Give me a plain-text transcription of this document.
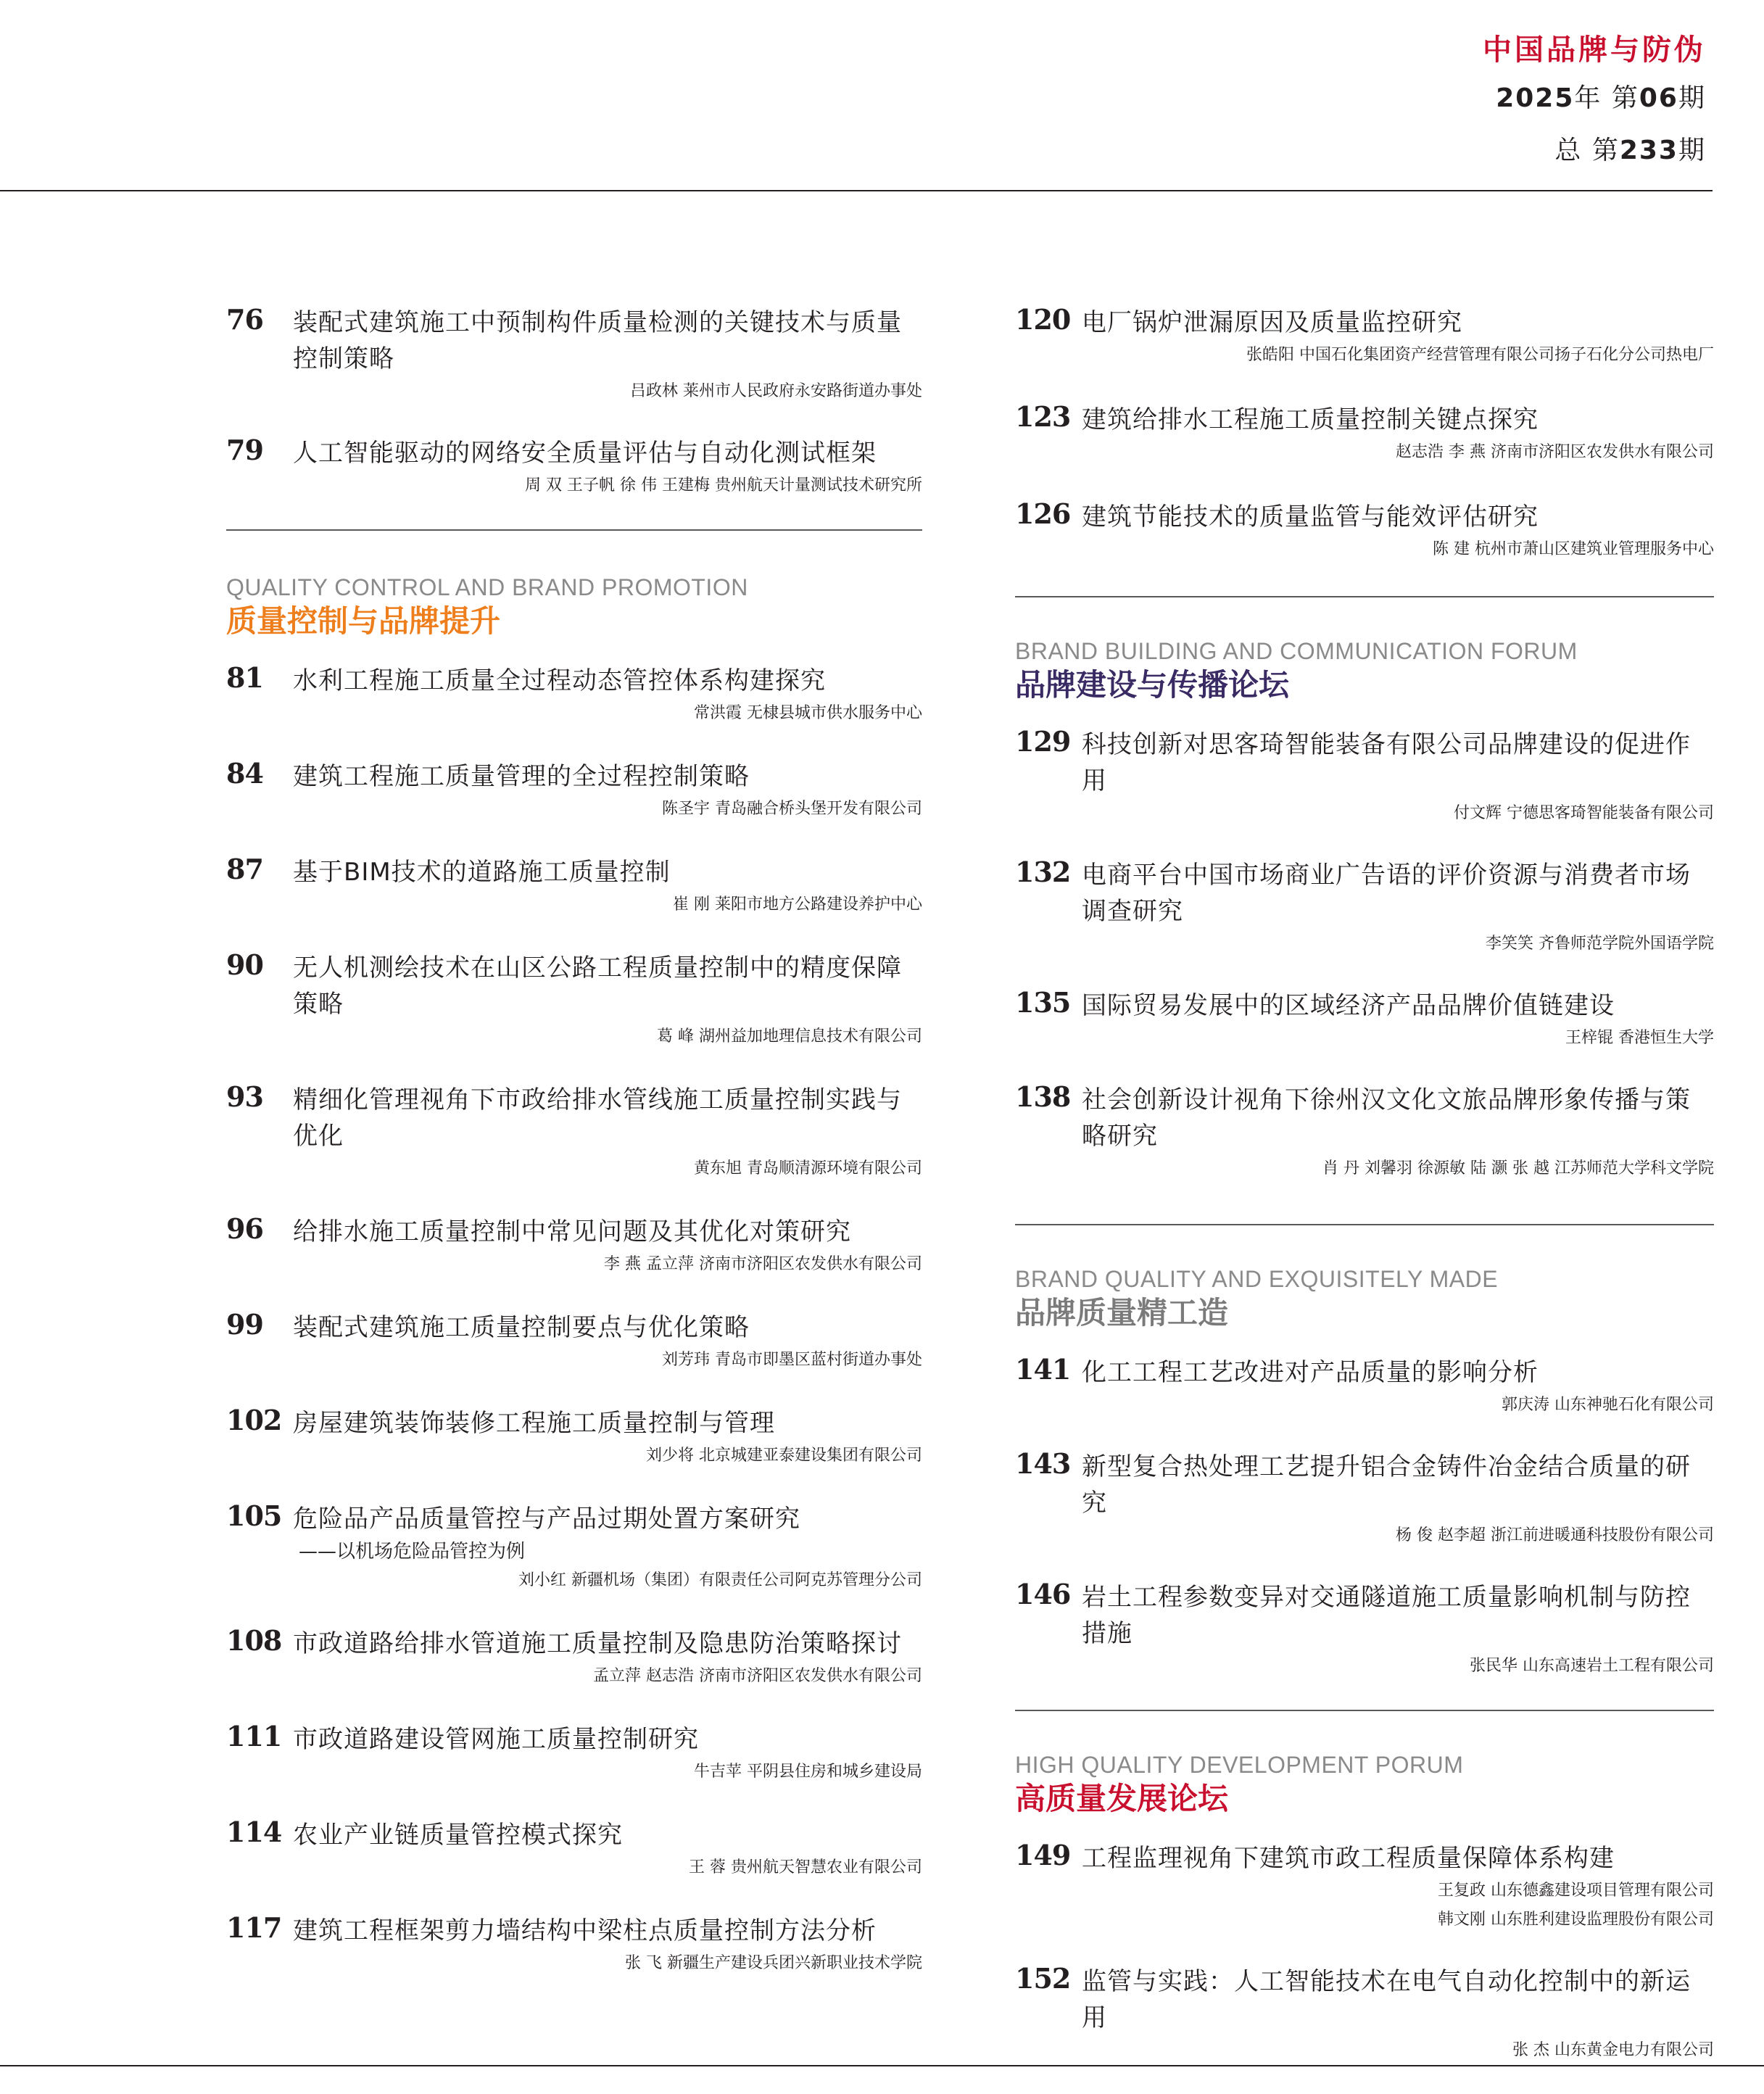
中国品牌与防伪
2025年 第06期
总 第233期
76 装配式建筑施工中预制构件质量检测的关键技术与质量控制策略
吕政林 莱州市人民政府永安路街道办事处
79 人工智能驱动的网络安全质量评估与自动化测试框架
周 双 王子帆 徐 伟 王建梅 贵州航天计量测试技术研究所
QUALITY CONTROL AND BRAND PROMOTION
质量控制与品牌提升
81 水利工程施工质量全过程动态管控体系构建探究
常洪霞 无棣县城市供水服务中心
84 建筑工程施工质量管理的全过程控制策略
陈圣宇 青岛融合桥头堡开发有限公司
87 基于BIM技术的道路施工质量控制
崔 刚 莱阳市地方公路建设养护中心
90 无人机测绘技术在山区公路工程质量控制中的精度保障策略
葛 峰 湖州益加地理信息技术有限公司
93 精细化管理视角下市政给排水管线施工质量控制实践与优化
黄东旭 青岛顺清源环境有限公司
96 给排水施工质量控制中常见问题及其优化对策研究
李 燕 孟立萍 济南市济阳区农发供水有限公司
99 装配式建筑施工质量控制要点与优化策略
刘芳玮 青岛市即墨区蓝村街道办事处
102 房屋建筑装饰装修工程施工质量控制与管理
刘少将 北京城建亚泰建设集团有限公司
105 危险品产品质量管控与产品过期处置方案研究
——以机场危险品管控为例
刘小红 新疆机场（集团）有限责任公司阿克苏管理分公司
108 市政道路给排水管道施工质量控制及隐患防治策略探讨
孟立萍 赵志浩 济南市济阳区农发供水有限公司
111 市政道路建设管网施工质量控制研究
牛吉苹 平阴县住房和城乡建设局
114 农业产业链质量管控模式探究
王 蓉 贵州航天智慧农业有限公司
117 建筑工程框架剪力墙结构中梁柱点质量控制方法分析
张 飞 新疆生产建设兵团兴新职业技术学院
120 电厂锅炉泄漏原因及质量监控研究
张皓阳 中国石化集团资产经营管理有限公司扬子石化分公司热电厂
123 建筑给排水工程施工质量控制关键点探究
赵志浩 李 燕 济南市济阳区农发供水有限公司
126 建筑节能技术的质量监管与能效评估研究
陈 建 杭州市萧山区建筑业管理服务中心
BRAND BUILDING AND COMMUNICATION FORUM
品牌建设与传播论坛
129 科技创新对思客琦智能装备有限公司品牌建设的促进作用
付文辉 宁德思客琦智能装备有限公司
132 电商平台中国市场商业广告语的评价资源与消费者市场调查研究
李笑笑 齐鲁师范学院外国语学院
135 国际贸易发展中的区域经济产品品牌价值链建设
王梓锟 香港恒生大学
138 社会创新设计视角下徐州汉文化文旅品牌形象传播与策略研究
肖 丹 刘馨羽 徐源敏 陆 灏 张 越 江苏师范大学科文学院
BRAND QUALITY AND EXQUISITELY MADE
品牌质量精工造
141 化工工程工艺改进对产品质量的影响分析
郭庆涛 山东神驰石化有限公司
143 新型复合热处理工艺提升铝合金铸件冶金结合质量的研究
杨 俊 赵李超 浙江前进暖通科技股份有限公司
146 岩土工程参数变异对交通隧道施工质量影响机制与防控措施
张民华 山东高速岩土工程有限公司
HIGH QUALITY DEVELOPMENT PORUM
高质量发展论坛
149 工程监理视角下建筑市政工程质量保障体系构建
王复政 山东德鑫建设项目管理有限公司
韩文刚 山东胜利建设监理股份有限公司
152 监管与实践：人工智能技术在电气自动化控制中的新运用
张 杰 山东黄金电力有限公司
